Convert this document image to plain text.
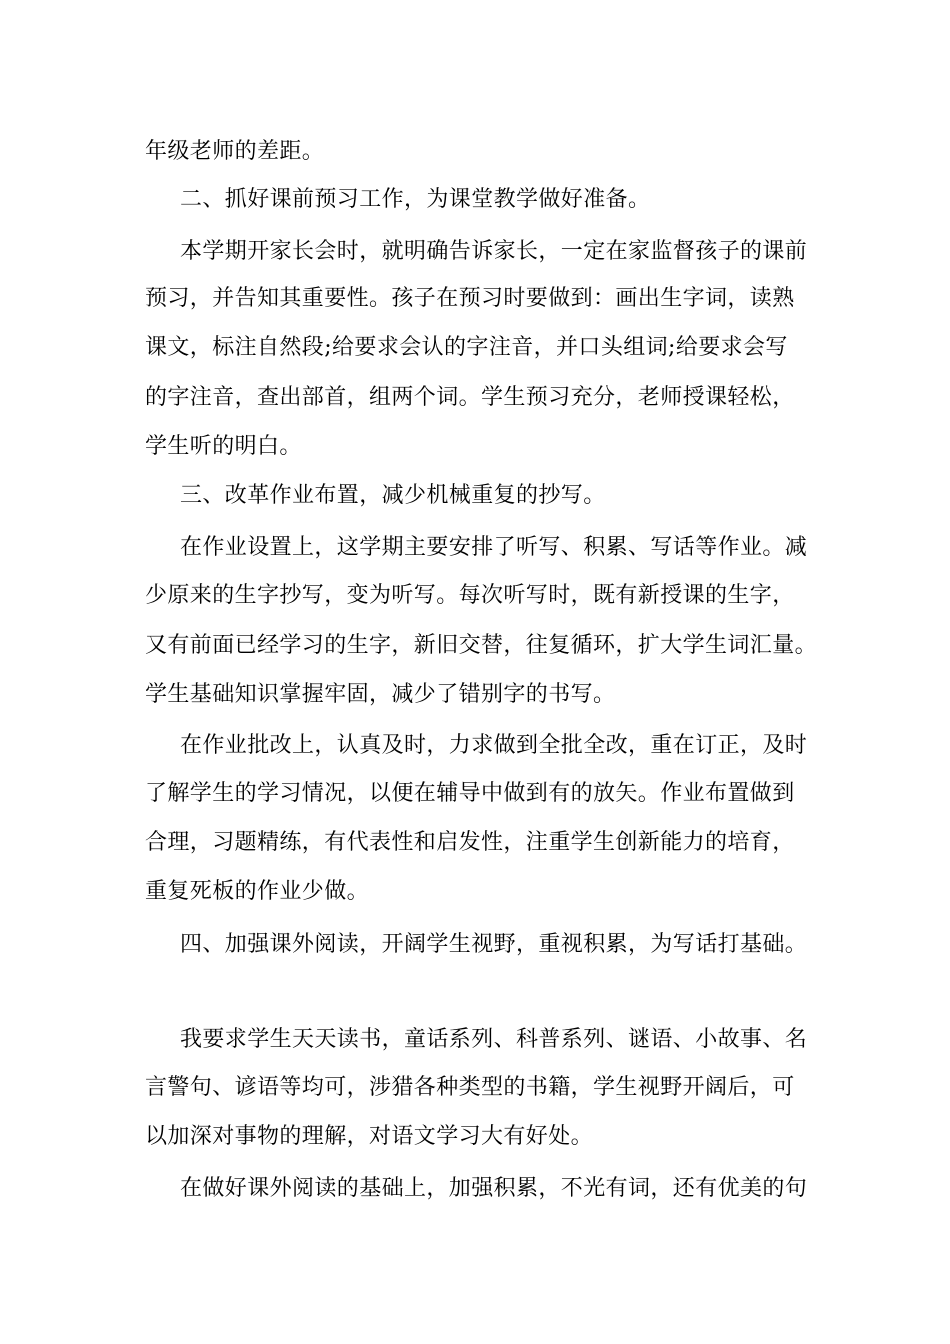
年级老师的差距。
二、抓好课前预习工作，为课堂教学做好准备。
本学期开家长会时，就明确告诉家长，一定在家监督孩子的课前
预习，并告知其重要性。孩子在预习时要做到：画出生字词，读熟
课文，标注自然段;给要求会认的字注音，并口头组词;给要求会写
的字注音，查出部首，组两个词。学生预习充分，老师授课轻松，
学生听的明白。
三、改革作业布置，减少机械重复的抄写。
在作业设置上，这学期主要安排了听写、积累、写话等作业。减
少原来的生字抄写，变为听写。每次听写时，既有新授课的生字，
又有前面已经学习的生字，新旧交替，往复循环，扩大学生词汇量。
学生基础知识掌握牢固，减少了错别字的书写。
在作业批改上，认真及时，力求做到全批全改，重在订正，及时
了解学生的学习情况，以便在辅导中做到有的放矢。作业布置做到
合理，习题精练，有代表性和启发性，注重学生创新能力的培育，
重复死板的作业少做。
四、加强课外阅读，开阔学生视野，重视积累，为写话打基础。
我要求学生天天读书，童话系列、科普系列、谜语、小故事、名
言警句、谚语等均可，涉猎各种类型的书籍，学生视野开阔后，可
以加深对事物的理解，对语文学习大有好处。
在做好课外阅读的基础上，加强积累，不光有词，还有优美的句
